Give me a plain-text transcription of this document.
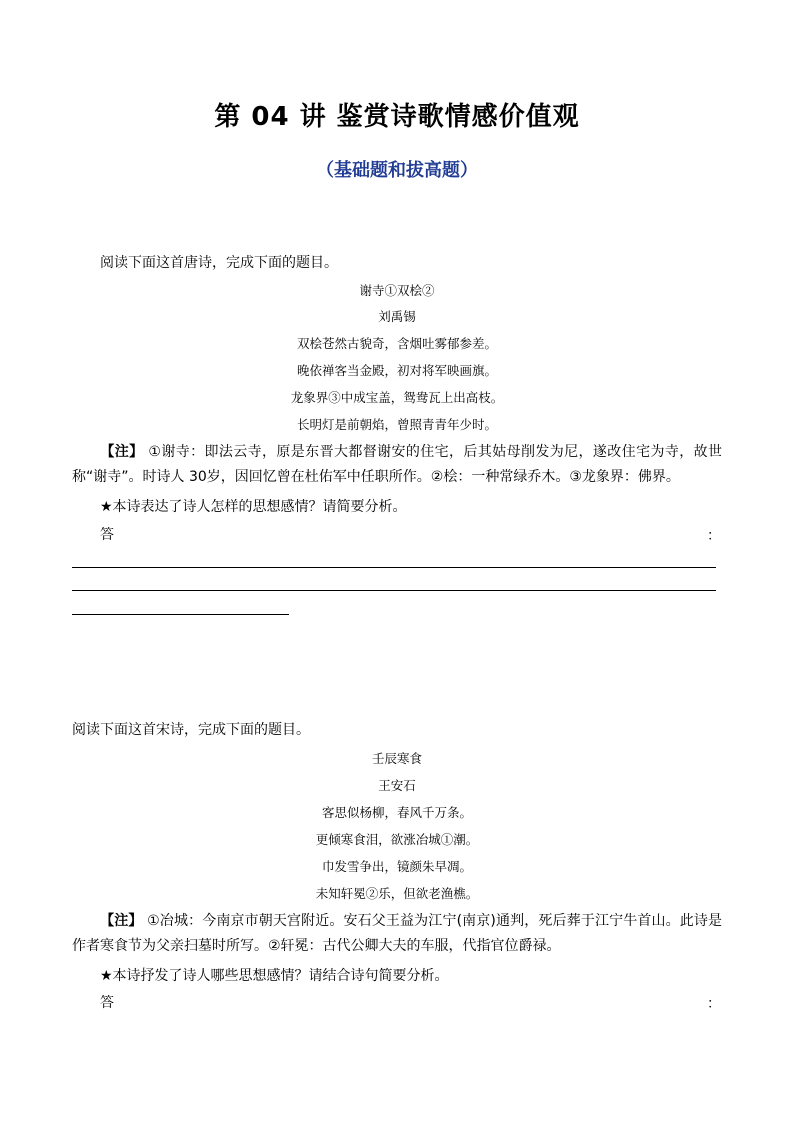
第 04 讲 鉴赏诗歌情感价值观
（基础题和拔高题）
阅读下面这首唐诗，完成下面的题目。
谢寺①双桧②
刘禹锡
双桧苍然古貌奇，含烟吐雾郁参差。
晚依禅客当金殿，初对将军映画旗。
龙象界③中成宝盖，鸳鸯瓦上出高枝。
长明灯是前朝焰，曾照青青年少时。
【注】 ①谢寺：即法云寺，原是东晋大都督谢安的住宅，后其姑母削发为尼，遂改住宅为寺，故世称“谢寺”。时诗人 30岁，因回忆曾在杜佑军中任职所作。②桧：一种常绿乔木。③龙象界：佛界。
★本诗表达了诗人怎样的思想感情？请简要分析。
答	：
阅读下面这首宋诗，完成下面的题目。
壬辰寒食
王安石
客思似杨柳，春风千万条。
更倾寒食泪，欲涨冶城①潮。
巾发雪争出，镜颜朱早凋。
未知轩冕②乐，但欲老渔樵。
【注】 ①冶城：今南京市朝天宫附近。安石父王益为江宁(南京)通判，死后葬于江宁牛首山。此诗是作者寒食节为父亲扫墓时所写。②轩冕：古代公卿大夫的车服，代指官位爵禄。
★本诗抒发了诗人哪些思想感情？请结合诗句简要分析。
答	：
